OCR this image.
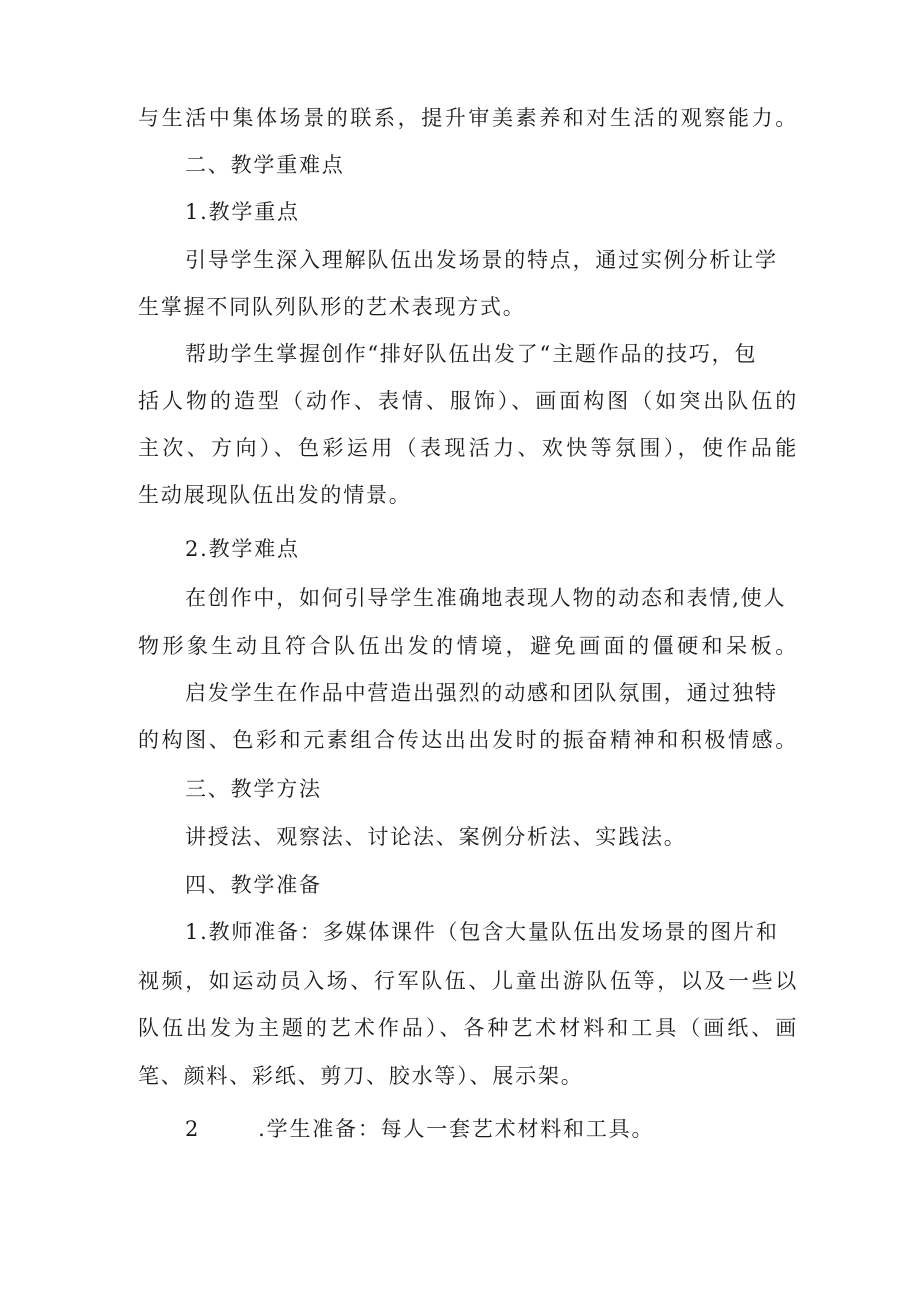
与生活中集体场景的联系，提升审美素养和对生活的观察能力。
二、教学重难点
1.教学重点
引导学生深入理解队伍出发场景的特点，通过实例分析让学
生掌握不同队列队形的艺术表现方式。
帮助学生掌握创作“排好队伍出发了“主题作品的技巧，包
括人物的造型（动作、表情、服饰）、画面构图（如突出队伍的
主次、方向）、色彩运用（表现活力、欢快等氛围），使作品能
生动展现队伍出发的情景。
2.教学难点
在创作中，如何引导学生准确地表现人物的动态和表情,使人
物形象生动且符合队伍出发的情境，避免画面的僵硬和呆板。
启发学生在作品中营造出强烈的动感和团队氛围，通过独特
的构图、色彩和元素组合传达出出发时的振奋精神和积极情感。
三、教学方法
讲授法、观察法、讨论法、案例分析法、实践法。
四、教学准备
1.教师准备：多媒体课件（包含大量队伍出发场景的图片和
视频，如运动员入场、行军队伍、儿童出游队伍等，以及一些以
队伍出发为主题的艺术作品）、各种艺术材料和工具（画纸、画
笔、颜料、彩纸、剪刀、胶水等）、展示架。
2	.学生准备：每人一套艺术材料和工具。
